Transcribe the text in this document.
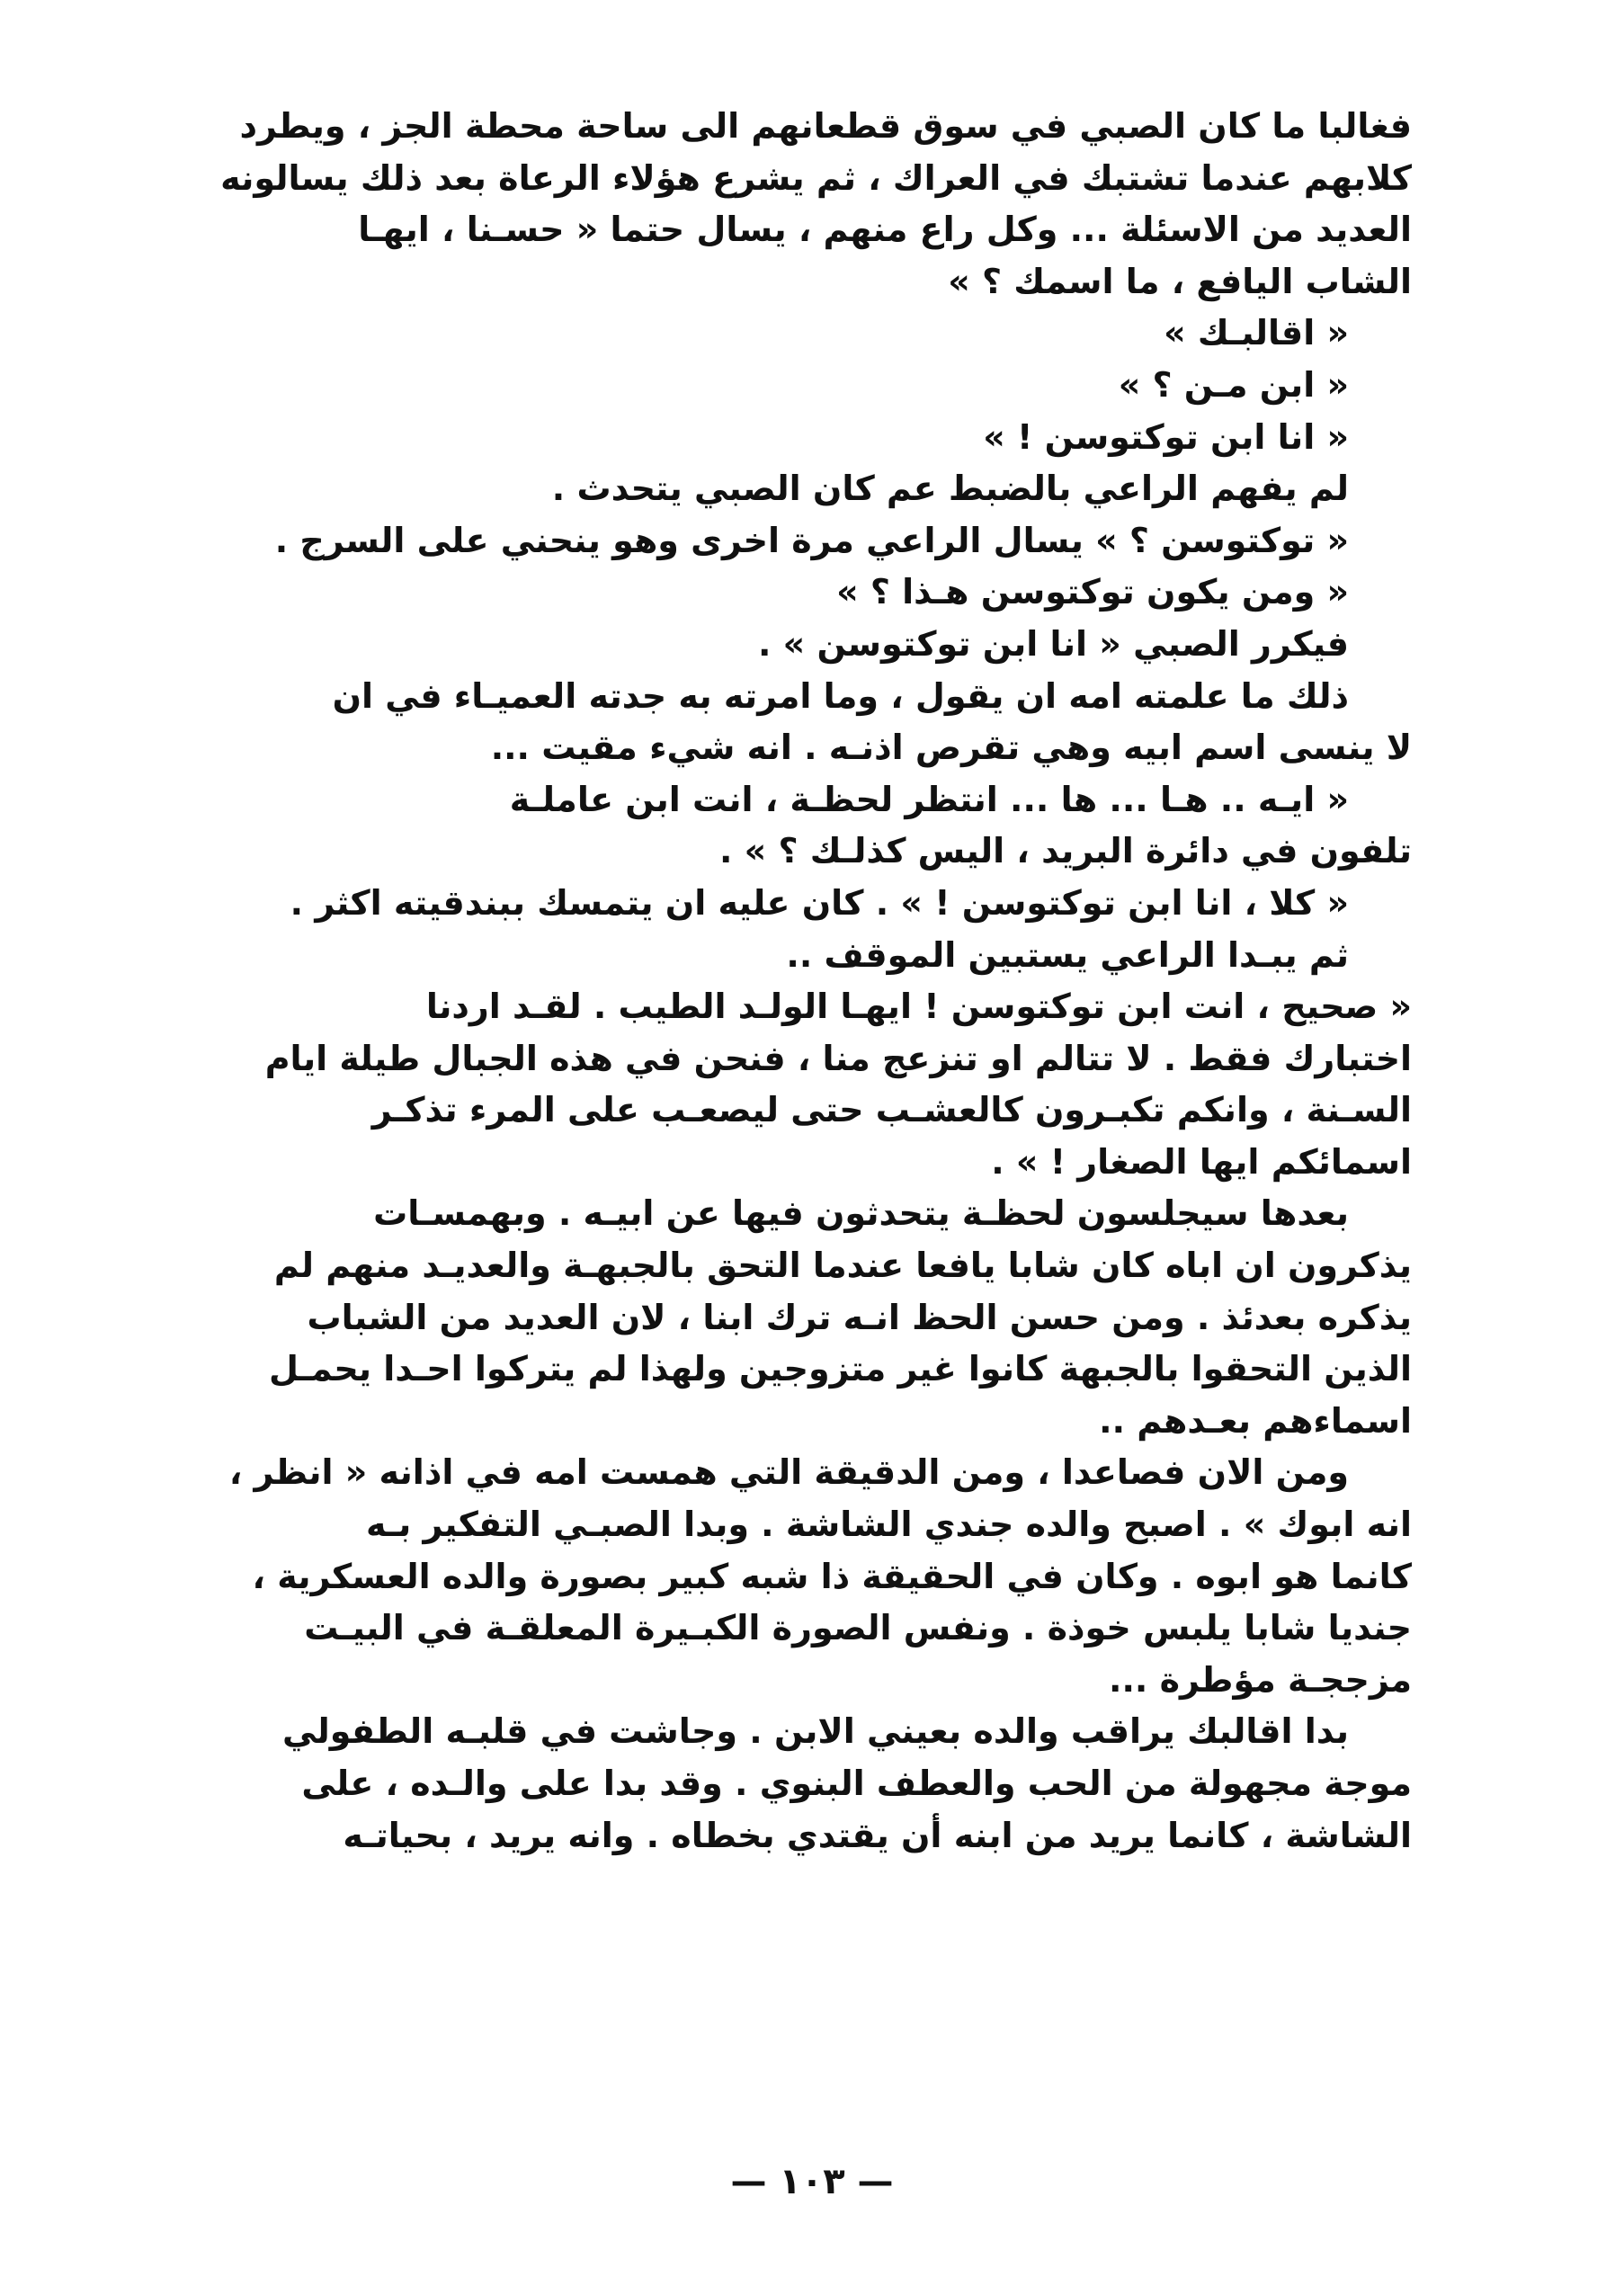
فغالبا ما كان الصبي في سوق قطعانهم الى ساحة محطة الجز ، ويطرد
كلابهم عندما تشتبك في العراك ، ثم يشرع هؤلاء الرعاة بعد ذلك يسالونه
العديد من الاسئلة ... وكل راع منهم ، يسال حتما « حسـنا ، ايهـا
الشاب اليافع ، ما اسمك ؟ »
« اقالبـك »
« ابن مـن ؟ »
« انا ابن توكتوسن ! »
لم يفهم الراعي بالضبط عم كان الصبي يتحدث .
« توكتوسن ؟ » يسال الراعي مرة اخرى وهو ينحني على السرج .
« ومن يكون توكتوسن هـذا ؟ »
فيكرر الصبي « انا ابن توكتوسن » .
ذلك ما علمته امه ان يقول ، وما امرته به جدته العميـاء في ان
لا ينسى اسم ابيه وهي تقرص اذنـه . انه شيء مقيت ...
« ايـه .. هـا ... ها ... انتظر لحظـة ، انت ابن عاملـة
تلفون في دائرة البريد ، اليس كذلـك ؟ » .
« كلا ، انا ابن توكتوسن ! » . كان عليه ان يتمسك ببندقيته اكثر .
ثم يبـدا الراعي يستبين الموقف ..
« صحيح ، انت ابن توكتوسن ! ايهـا الولـد الطيب . لقـد اردنا
اختبارك فقط . لا تتالم او تنزعج منا ، فنحن في هذه الجبال طيلة ايام
السـنة ، وانكم تكبـرون كالعشـب حتى ليصعـب على المرء تذكـر
اسمائكم ايها الصغار ! » .
بعدها سيجلسون لحظـة يتحدثون فيها عن ابيـه . وبهمسـات
يذكرون ان اباه كان شابا يافعا عندما التحق بالجبهـة والعديـد منهم لم
يذكره بعدئذ . ومن حسن الحظ انـه ترك ابنا ، لان العديد من الشباب
الذين التحقوا بالجبهة كانوا غير متزوجين ولهذا لم يتركوا احـدا يحمـل
اسماءهم بعـدهم ..
ومن الان فصاعدا ، ومن الدقيقة التي همست امه في اذانه « انظر ،
انه ابوك » . اصبح والده جندي الشاشة . وبدا الصبـي التفكير بـه
كانما هو ابوه . وكان في الحقيقة ذا شبه كبير بصورة والده العسكرية ،
جنديا شابا يلبس خوذة . ونفس الصورة الكبـيرة المعلقـة في البيـت
مزججـة مؤطرة ...
بدا اقالبك يراقب والده بعيني الابن . وجاشت في قلبـه الطفولي
موجة مجهولة من الحب والعطف البنوي . وقد بدا على والـده ، على
الشاشة ، كانما يريد من ابنه أن يقتدي بخطاه . وانه يريد ، بحياتـه
— ١٠٣ —
